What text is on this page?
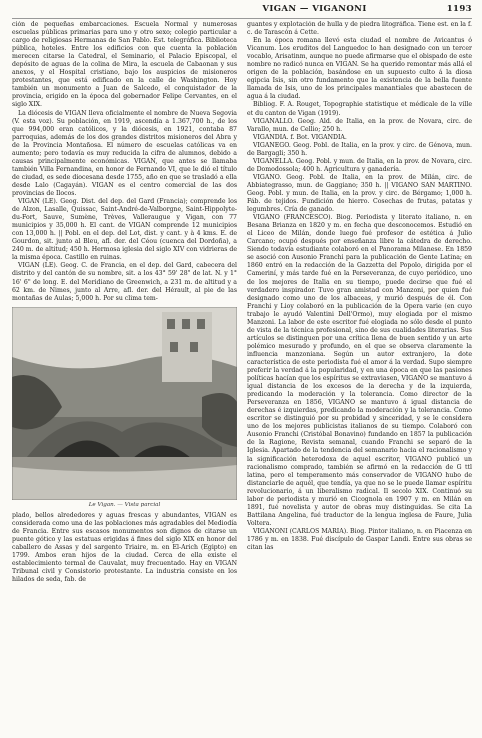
VIGAN — VIGANONI	1193

ción de pequeñas embarcaciones. Escuela Normal y numerosas escuelas públicas primarias para uno y otro sexo; colegio particular a cargo de religiosas Hermanas de San Pablo. Est. telegráfica. Biblioteca pública, hoteles. Entre los edificios con que cuenta la población merecen citarse la Catedral, el Seminario, el Palacio Episcopal, el depósito de aguas de la colina de Mira, la escuela de Cabaonan y sus anexos, y el Hospital cristiano, bajo los auspicios de misioneros protestantes, que está edificado en la calle de Washington. Hoy también un monumento a Juan de Salcedo, el conquistador de la provincia, erigido en la época del gobernador Felipe Cervantes, en el siglo XIX.

La diócesis de VIGAN lleva oficialmente el nombre de Nueva Segovia (V. esta voz). Su población, en 1919, ascendía a 1.367,700 h., de los que 994,000 eran católicos, y la diócesis, en 1921, contaba 87 parroquias, además de los dos grandes distritos misioneros del Abra y de la Provincia Montañosa. El número de escuelas católicas va en aumento; pero todavía es muy reducida la cifra de alumnos, debido a causas principalmente económicas. VIGAN, que antes se llamaba también Villa Fernandina, en honor de Fernando VI, que le dió el título de ciudad, es sede diocesana desde 1755, año en que se trasladó a ella desde Lalo (Cagayán). VIGAN es el centro comercial de las dos provincias de Ilocos.

VIGAN (LE). Geog. Dist. del dep. del Gard (Francia); comprende los de Alzon, Lasalle, Quissac, Saint-André-de-Valborgne, Saint-Hippolyte-du-Fort, Sauve, Sumène, Trèves, Valleraugue y Vigan, con 77 municipios y 35,000 h. El cant. de VIGAN comprende 12 municipios con 13,000 h. || Pobl. en el dep. del Lot, dist. y cant. y à 4 kms. E. de Gourdon, sit. junto al Bleu, afl. der. del Céou (cuenca del Dordoña), a 240 m. de altitud; 450 h. Hermosa iglesia del siglo XIV con vidrieras de la misma época. Castillo en ruinas.

VIGAN (LE). Geog. C. de Francia, en el dep. del Gard, cabecera del distrito y del cantón de su nombre, sit. a los 43° 59' 28" de lat. N. y 1° 16' 6" de long. E. del Meridiano de Greenwich, a 231 m. de altitud y a 62 km. de Nimes, junto al Arre, afl. der. del Hérault, al pie de las montañas de Aulas; 5,000 h. Por su clima tem-

Le Vigan. — Vista parcial

plado, bellos alrededores y aguas frescas y abundantes, VIGAN es considerada como una de las poblaciones más agradables del Mediodía de Francia. Entre sus escasos monumentos son dignos de citarse un puente gótico y las estatuas erigidas á fines del siglo XIX en honor del caballero de Assas y del sargento Triaire, m. en El-Arich (Egipto) en 1799. Ambos eran hijos de la ciudad. Cerca de ella existe el establecimiento termal de Cauvalat, muy frecuentado. Hay en VIGAN Tribunal civil y Consistorio protestante. La industria consiste en los hilados de seda, fab. de

guantes y explotación de hulla y de piedra litográfica. Tiene est. en la f. c. de Tarascón á Cette.

En la época romana llevó esta ciudad el nombre de Avicantus ó Vicanum. Los eruditos del Languedoc lo han designado con un tercer vocablo, Arisatinm, aunque no puede afirmarse que el obispado de este nombre no radicó nunca en VIGAN. Se ha querido remontar más allá el origen de la población, basándose en un supuesto culto á la diosa egipcia Isis, sin otro fundamento que la existencia de la bella fuente llamada de Isis, uno de los principales manantiales que abastecen de agua á la ciudad.

Bibliog. F. A. Rouget, Topographie statistique et médicale de la ville et du canton de Vigan (1919).

VIGANALLO. Geog. Ald. de Italia, en la prov. de Novara, circ. de Varallo, mun. de Cellio; 250 h.

VIGANDIA. f. Bot. VIGANDIA.

VIGANEGO. Geog. Pobl. de Italia, en la prov. y circ. de Génova, mun. de Bargagli; 350 h.

VIGANELLA. Geog. Pobl. y mun. de Italia, en la prov. de Novara, circ. de Domodossola; 400 h. Agricultura y ganadería.

VIGANO. Geog. Pobl. de Italia, en la prov. de Milán, circ. de Abbiategrasso, mun. de Gaggiano; 350 h. || VIGANO SAN MARTINO. Geog. Pobl. y mun. de Italia, en la prov. y circ. de Bérgamo; 1,000 h. Fáb. de tejidos. Fundición de hierro. Cosechas de frutas, patatas y legumbres. Cría de ganado.

VIGANO (FRANCESCO). Biog. Periodista y literato italiano, n. en Besana Brianza en 1820 y m. en fecha que desconocemos. Estudió en el Liceo de Milán, donde luego fué profesor de estética á Julio Carcano; ocupó después por enseñanza libre la cátedra de derecho. Siendo todavía estudiante colaboró en el Panorama Milanese. En 1859 se asoció con Ausonio Franchi para la publicación de Gente Latina; en 1860 entró en la redacción de la Gazzetta del Popolo, dirigida por el Cameriní, y más tarde fué en la Perseveranza, de cuyo periódico, uno de los mejores de Italia en su tiempo, puede decirse que fué el verdadero inspirador. Tuvo gran amistad con Manzoni, por quien fué designado como uno de los albaceas, y murió después de él. Con Franchi y Lioy colaboró en la publicación de la Opera varie (en cuyo trabajo le ayudó Valentini Dell'Ormo), muy elogiada por el mismo Manzoni. La labor de este escritor fué elogiada no sólo desde el punto de vista de la técnica profesional, sino de sus cualidades literarias. Sus artículos se distinguen por una crítica llena de buen sentido y un arte polémico mesurado y profundo, en el que se observa claramente la influencia manzoniana. Según un autor extranjero, la dote característica de este periodista fué el amor á la verdad. Supo siempre preferir la verdad á la popularidad, y en una época en que las pasiones políticas hacían que los espíritus se extraviasen, VIGANO se mantuvo á igual distancia de los excesos de la derecha y de la izquierda, predicando la moderación y la tolerancia. Como director de la Perseveranza en 1856, VIGANO se mantuvo á igual distancia de derechas é izquierdas, predicando la moderación y la tolerancia. Como escritor se distinguió por su probidad y sinceridad, y se le considera uno de los mejores publicistas italianos de su tiempo. Colaboró con Ausonio Franchi (Cristóbal Bonavino) fundando en 1857 la publicación de la Ragione, Revista semanal, cuando Franchi se separó de la Iglesia. Apartado de la tendencia del semanario hacia el racionalismo y la significación heterodoxa de aquel escritor, VIGANO publicó un racionalismo comprado, también se afirmó en la redacción de G ttl latina, pero el temperamento más conservador de VIGANO hubo de distanciarle de aquél, que tendía, ya que no se le puede llamar espíritu revolucionario, á un liberalismo radical. Il secolo XIX. Continuó su labor de periodista y murió en Cicognola en 1907 y m. en Milán en 1891, fué novelista y autor de obras muy distinguidas. Se cita La Battilana Angelina, fué traductor de la lengua inglesa de Faure, Julia Voltera.

VIGANONI (CARLOS MARIA). Biog. Pintor italiano, n. en Piacenza en 1786 y m. en 1838. Fué discípulo de Gaspar Landi. Entre sus obras se citan las
